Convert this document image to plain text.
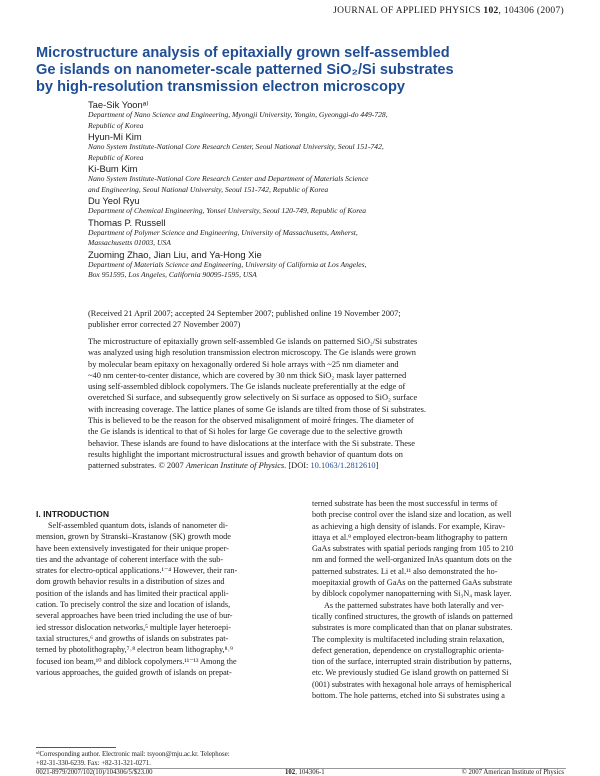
JOURNAL OF APPLIED PHYSICS 102, 104306 (2007)
Microstructure analysis of epitaxially grown self-assembled
Ge islands on nanometer-scale patterned SiO₂/Si substrates
by high-resolution transmission electron microscopy
Tae-Sik Yoonᵃ⁾
Department of Nano Science and Engineering, Myongji University, Yongin, Gyeonggi-do 449-728,
Republic of Korea
Hyun-Mi Kim
Nano System Institute-National Core Research Center, Seoul National University, Seoul 151-742,
Republic of Korea
Ki-Bum Kim
Nano System Institute-National Core Research Center and Department of Materials Science
and Engineering, Seoul National University, Seoul 151-742, Republic of Korea
Du Yeol Ryu
Department of Chemical Engineering, Yonsei University, Seoul 120-749, Republic of Korea
Thomas P. Russell
Department of Polymer Science and Engineering, University of Massachusetts, Amherst,
Massachusetts 01003, USA
Zuoming Zhao, Jian Liu, and Ya-Hong Xie
Department of Materials Science and Engineering, University of California at Los Angeles,
Box 951595, Los Angeles, California 90095-1595, USA
(Received 21 April 2007; accepted 24 September 2007; published online 19 November 2007;
publisher error corrected 27 November 2007)
The microstructure of epitaxially grown self-assembled Ge islands on patterned SiO₂/Si substrates
was analyzed using high resolution transmission electron microscopy. The Ge islands were grown
by molecular beam epitaxy on hexagonally ordered Si hole arrays with ~25 nm diameter and
~40 nm center-to-center distance, which are covered by 30 nm thick SiO₂ mask layer patterned
using self-assembled diblock copolymers. The Ge islands nucleate preferentially at the edge of
overetched Si surface, and subsequently grow selectively on Si surface as opposed to SiO₂ surface
with increasing coverage. The lattice planes of some Ge islands are tilted from those of Si substrates.
This is believed to be the reason for the observed misalignment of moiré fringes. The diameter of
the Ge islands is identical to that of Si holes for large Ge coverage due to the selective growth
behavior. These islands are found to have dislocations at the interface with the Si substrate. These
results highlight the important microstructural issues and growth behavior of quantum dots on
patterned substrates. © 2007 American Institute of Physics. [DOI: 10.1063/1.2812610]
I. INTRODUCTION
Self-assembled quantum dots, islands of nanometer di-
mension, grown by Stranski–Krastanow (SK) growth mode
have been extensively investigated for their unique proper-
ties and the advantage of coherent interface with the sub-
strates for electro-optical applications.¹⁻⁴ However, their ran-
dom growth behavior results in a distribution of sizes and
position of the islands and has limited their practical appli-
cation. To precisely control the size and location of islands,
several approaches have been tried including the use of bur-
ied stressor dislocation networks,⁵ multiple layer heteroepi-
taxial structures,⁶ and growths of islands on substrates pat-
terned by photolithography,⁷˒⁸ electron beam lithography,⁸˒⁹
focused ion beam,¹⁰ and diblock copolymers.¹¹⁻¹³ Among the
various approaches, the guided growth of islands on prepat-
terned substrate has been the most successful in terms of
both precise control over the island size and location, as well
as achieving a high density of islands. For example, Kirav-
ittaya et al.⁹ employed electron-beam lithography to pattern
GaAs substrates with spatial periods ranging from 105 to 210
nm and formed the well-organized InAs quantum dots on the
patterned substrates. Li et al.¹¹ also demonstrated the ho-
moepitaxial growth of GaAs on the patterned GaAs substrate
by diblock copolymer nanopatterning with Si₃N₄ mask layer.
As the patterned substrates have both laterally and ver-
tically confined structures, the growth of islands on patterned
substrates is more complicated than that on planar substrates.
The complexity is multifaceted including strain relaxation,
defect generation, dependence on crystallographic orienta-
tion of the surface, interrupted strain distribution by patterns,
etc. We previously studied Ge island growth on patterned Si
(001) substrates with hexagonal hole arrays of hemispherical
bottom. The hole patterns, etched into Si substrates using a
ᵃ⁾Corresponding author. Electronic mail: tsyoon@mju.ac.kr. Telephose:
+82-31-330-6239. Fax: +82-31-321-0271.
0021-8979/2007/102(10)/104306/5/$23.00	102, 104306-1	© 2007 American Institute of Physics
